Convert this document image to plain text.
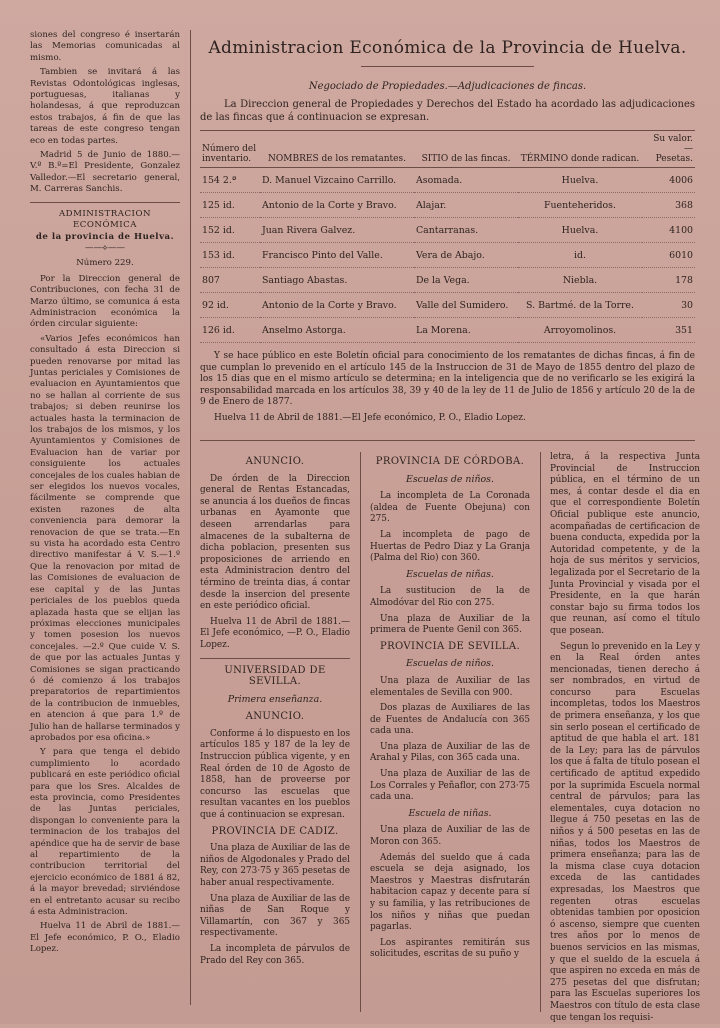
siones del congreso é insertarán las Memorias comunicadas al mismo.

Tambien se invitará á las Revistas Odontológicas inglesas, portuguesas, italianas y holandesas, á que reproduzcan estos trabajos, á fin de que las tareas de este congreso tengan eco en todas partes.

Madrid 5 de Junio de 1880.— V.º B.º=El Presidente, Gonzalez Valledor.—El secretario general, M. Carreras Sanchis.

ADMINISTRACION ECONÓMICA
de la provincia de Huelva.
——⟡——
Número 229.

Por la Direccion general de Contribuciones, con fecha 31 de Marzo último, se comunica á esta Administracion económica la órden circular siguiente:

«Varios Jefes económicos han consultado á esta Direccion si pueden renovarse por mitad las Juntas periciales y Comisiones de evaluacion en Ayuntamientos que no se hallan al corriente de sus trabajos; si deben reunirse los actuales hasta la terminacion de los trabajos de los mismos, y los Ayuntamientos y Comisiones de Evaluacion han de variar por consiguiente los actuales concejales de los cuales habian de ser elegidos los nuevos vocales, fácilmente se comprende que existen razones de alta conveniencia para demorar la renovacion de que se trata.—En su vista ha acordado esta Centro directivo manifestar á V. S.—1.º Que la renovacion por mitad de las Comisiones de evaluacion de ese capital y de las Juntas periciales de los pueblos queda aplazada hasta que se elijan las próximas elecciones municipales y tomen posesion los nuevos concejales. —2.º Que cuide V. S. de que por las actuales Juntas y Comisiones se sigan practicando ó dé comienzo á los trabajos preparatorios de repartimientos de la contribucion de inmuebles, en atencion á que para 1.º de Julio han de hallarse terminados y aprobados por esa oficina.»

Y para que tenga el debido cumplimiento lo acordado publicará en este periódico oficial para que los Sres. Alcaldes de esta provincia, como Presidentes de las Juntas periciales, dispongan lo conveniente para la terminacion de los trabajos del apéndice que ha de servir de base al repartimiento de la contribucion territorial del ejercicio económico de 1881 á 82, á la mayor brevedad; sirviéndose en el entretanto acusar su recibo á esta Administracion.

Huelva 11 de Abril de 1881.— El Jefe económico, P. O., Eladio Lopez.

Administracion Económica de la Provincia de Huelva.
Negociado de Propiedades.—Adjudicaciones de fincas.

La Direccion general de Propiedades y Derechos del Estado ha acordado las adjudicaciones de las fincas que á continuacion se expresan.

Número del inventario.	NOMBRES de los rematantes.	SITIO de las fincas.	TÉRMINO donde radican.	Su valor. — Pesetas.
154 2.ª	D. Manuel Vizcaino Carrillo.	Asomada.	Huelva.	4006
125 id.	Antonio de la Corte y Bravo.	Alajar.	Fuenteheridos.	368
152 id.	Juan Rivera Galvez.	Cantarranas.	Huelva.	4100
153 id.	Francisco Pinto del Valle.	Vera de Abajo.	id.	6010
807	Santiago Abastas.	De la Vega.	Niebla.	178
92 id.	Antonio de la Corte y Bravo.	Valle del Sumidero.	S. Bartmé. de la Torre.	30
126 id.	Anselmo Astorga.	La Morena.	Arroyomolinos.	351

Y se hace público en este Boletín oficial para conocimiento de los rematantes de dichas fincas, á fin de que cumplan lo prevenido en el artículo 145 de la Instruccion de 31 de Mayo de 1855 dentro del plazo de los 15 dias que en el mismo artículo se determina; en la inteligencia que de no verificarlo se les exigirá la responsabilidad marcada en los artículos 38, 39 y 40 de la ley de 11 de Julio de 1856 y artículo 20 de la de 9 de Enero de 1877.

Huelva 11 de Abril de 1881.—El Jefe económico, P. O., Eladio Lopez.

ANUNCIO.

De órden de la Direccion general de Rentas Estancadas, se anuncia á los dueños de fincas urbanas en Ayamonte que deseen arrendarlas para almacenes de la subalterna de dicha poblacion, presenten sus proposiciones de arriendo en esta Administracion dentro del término de treinta dias, á contar desde la insercion del presente en este periódico oficial.

Huelva 11 de Abril de 1881.— El Jefe económico, —P. O., Eladio Lopez.

UNIVERSIDAD DE SEVILLA.
Primera enseñanza.
ANUNCIO.

Conforme á lo dispuesto en los artículos 185 y 187 de la ley de Instruccion pública vigente, y en Real órden de 10 de Agosto de 1858, han de proveerse por concurso las escuelas que resultan vacantes en los pueblos que á continuacion se expresan.

PROVINCIA DE CADIZ.

Una plaza de Auxiliar de las de niños de Algodonales y Prado del Rey, con 273·75 y 365 pesetas de haber anual respectivamente.

Una plaza de Auxiliar de las de niñas de San Roque y Villamartín, con 367 y 365 respectivamente.

La incompleta de párvulos de Prado del Rey con 365.

PROVINCIA DE CÓRDOBA.
Escuelas de niños.

La incompleta de La Coronada (aldea de Fuente Obejuna) con 275.

La incompleta de pago de Huertas de Pedro Diaz y La Granja (Palma del Rio) con 360.

Escuelas de niñas.

La sustitucion de la de Almodóvar del Rio con 275.

Una plaza de Auxiliar de la primera de Puente Genil con 365.

PROVINCIA DE SEVILLA.
Escuelas de niños.

Una plaza de Auxiliar de las elementales de Sevilla con 900.

Dos plazas de Auxiliares de las de Fuentes de Andalucía con 365 cada una.

Una plaza de Auxiliar de las de Arahal y Pilas, con 365 cada una.

Una plaza de Auxiliar de las de Los Corrales y Peñaflor, con 273·75 cada una.

Escuela de niñas.

Una plaza de Auxiliar de las de Moron con 365.

Además del sueldo que á cada escuela se deja asignado, los Maestros y Maestras disfrutarán habitacion capaz y decente para sí y su familia, y las retribuciones de los niños y niñas que puedan pagarlas.

Los aspirantes remitirán sus solicitudes, escritas de su puño y

letra, á la respectiva Junta Provincial de Instruccion pública, en el término de un mes, á contar desde el dia en que el correspondiente Boletín Oficial publique este anuncio, acompañadas de certificacion de buena conducta, expedida por la Autoridad competente, y de la hoja de sus méritos y servicios, legalizada por el Secretario de la Junta Provincial y visada por el Presidente, en la que harán constar bajo su firma todos los que reunan, así como el título que posean.

Segun lo prevenido en la Ley y en la Real órden antes mencionadas, tienen derecho á ser nombrados, en virtud de concurso para Escuelas incompletas, todos los Maestros de primera enseñanza, y los que sin serlo posean el certificado de aptitud de que habla el art. 181 de la Ley; para las de párvulos los que á falta de título posean el certificado de aptitud expedido por la suprimida Escuela normal central de párvulos; para las elementales, cuya dotacion no llegue á 750 pesetas en las de niños y á 500 pesetas en las de niñas, todos los Maestros de primera enseñanza; para las de la misma clase cuya dotacion exceda de las cantidades expresadas, los Maestros que regenten otras escuelas obtenidas tambien por oposicion ó ascenso, siempre que cuenten tres años por lo menos de buenos servicios en las mismas, y que el sueldo de la escuela á que aspiren no exceda en más de 275 pesetas del que disfrutan; para las Escuelas superiores los Maestros con título de esta clase que tengan los requisi-
